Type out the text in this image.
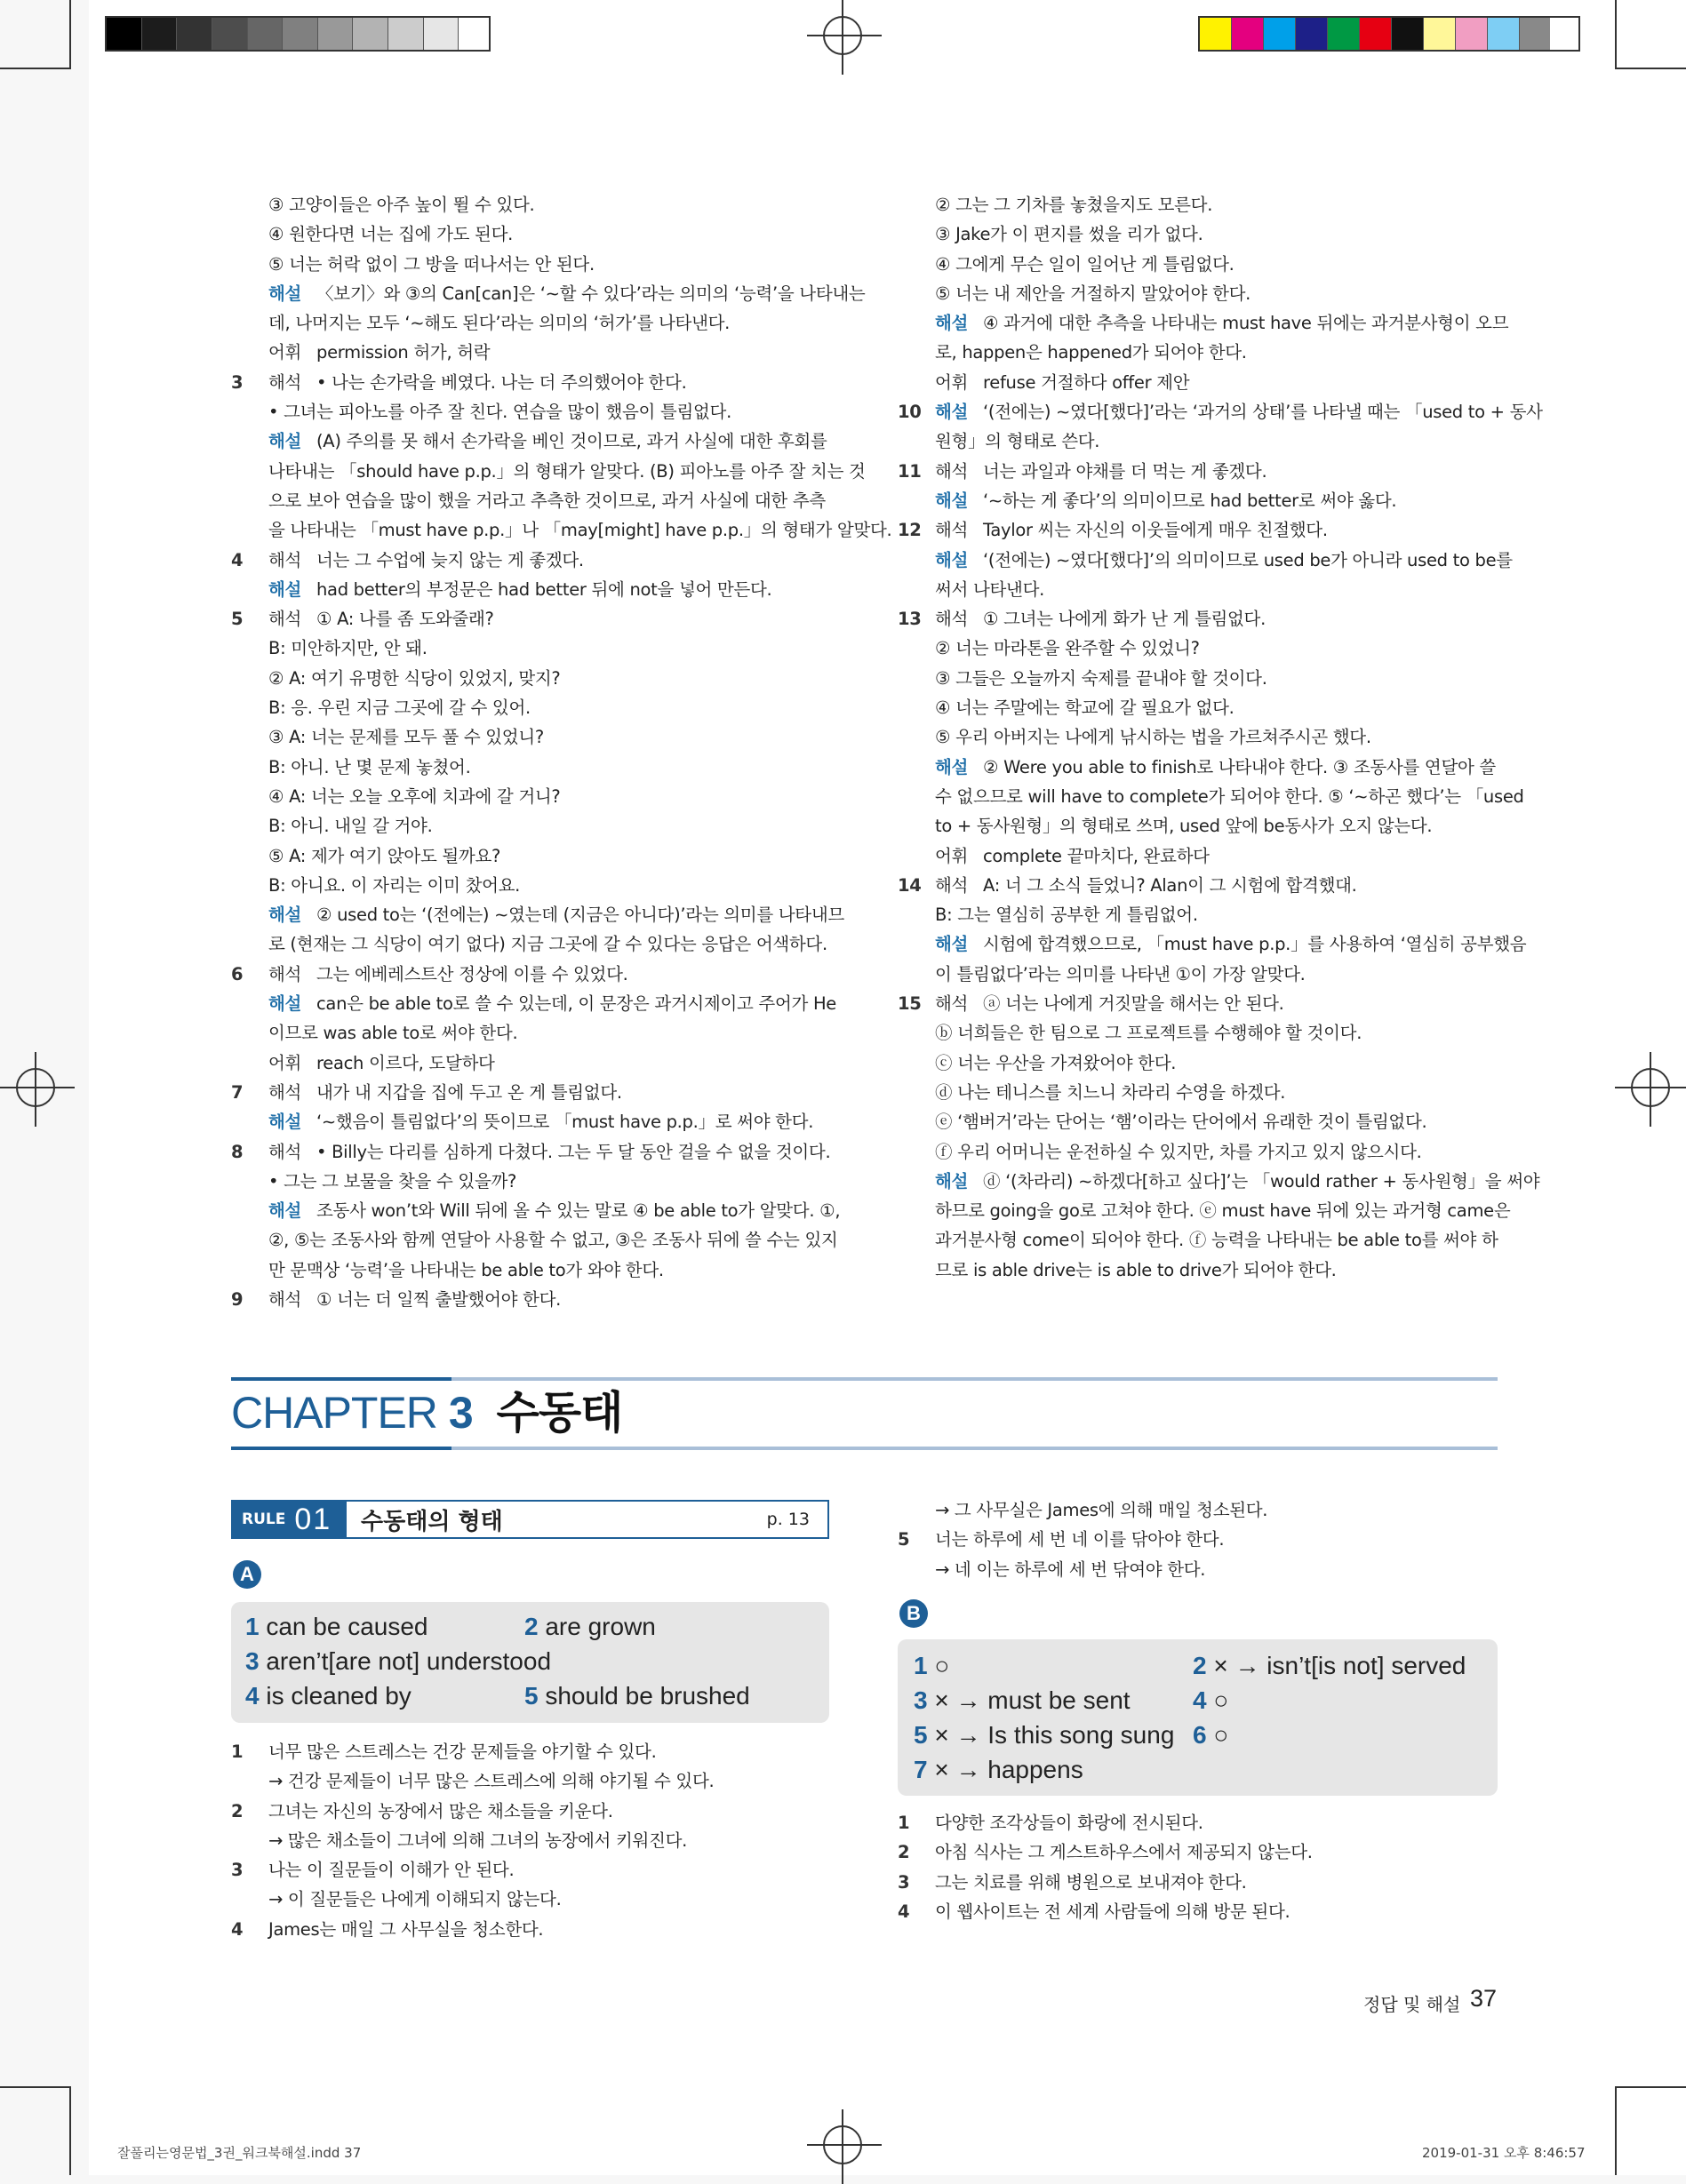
③ 고양이들은 아주 높이 뛸 수 있다.
④ 원한다면 너는 집에 가도 된다.
⑤ 너는 허락 없이 그 방을 떠나서는 안 된다.
해설 〈보기〉와 ③의 Can[can]은 ‘∼할 수 있다’라는 의미의 ‘능력’을 나타내는
데, 나머지는 모두 ‘∼해도 된다’라는 의미의 ‘허가’를 나타낸다.
어휘 permission 허가, 허락
3 해석 • 나는 손가락을 베였다. 나는 더 주의했어야 한다.
• 그녀는 피아노를 아주 잘 친다. 연습을 많이 했음이 틀림없다.
해설 (A) 주의를 못 해서 손가락을 베인 것이므로, 과거 사실에 대한 후회를
나타내는 「should have p.p.」의 형태가 알맞다. (B) 피아노를 아주 잘 치는 것
으로 보아 연습을 많이 했을 거라고 추측한 것이므로, 과거 사실에 대한 추측
을 나타내는 「must have p.p.」나 「may[might] have p.p.」의 형태가 알맞다.
4 해석 너는 그 수업에 늦지 않는 게 좋겠다.
해설 had better의 부정문은 had better 뒤에 not을 넣어 만든다.
5 해석 ① A: 나를 좀 도와줄래?
B: 미안하지만, 안 돼.
② A: 여기 유명한 식당이 있었지, 맞지?
B: 응. 우린 지금 그곳에 갈 수 있어.
③ A: 너는 문제를 모두 풀 수 있었니?
B: 아니. 난 몇 문제 놓쳤어.
④ A: 너는 오늘 오후에 치과에 갈 거니?
B: 아니. 내일 갈 거야.
⑤ A: 제가 여기 앉아도 될까요?
B: 아니요. 이 자리는 이미 찼어요.
해설 ② used to는 ‘(전에는) ∼였는데 (지금은 아니다)’라는 의미를 나타내므
로 (현재는 그 식당이 여기 없다) 지금 그곳에 갈 수 있다는 응답은 어색하다.
6 해석 그는 에베레스트산 정상에 이를 수 있었다.
해설 can은 be able to로 쓸 수 있는데, 이 문장은 과거시제이고 주어가 He
이므로 was able to로 써야 한다.
어휘 reach 이르다, 도달하다
7 해석 내가 내 지갑을 집에 두고 온 게 틀림없다.
해설 ‘∼했음이 틀림없다’의 뜻이므로 「must have p.p.」로 써야 한다.
8 해석 • Billy는 다리를 심하게 다쳤다. 그는 두 달 동안 걸을 수 없을 것이다.
• 그는 그 보물을 찾을 수 있을까?
해설 조동사 won’t와 Will 뒤에 올 수 있는 말로 ④ be able to가 알맞다. ①,
②, ⑤는 조동사와 함께 연달아 사용할 수 없고, ③은 조동사 뒤에 쓸 수는 있지
만 문맥상 ‘능력’을 나타내는 be able to가 와야 한다.
9 해석 ① 너는 더 일찍 출발했어야 한다.
② 그는 그 기차를 놓쳤을지도 모른다.
③ Jake가 이 편지를 썼을 리가 없다.
④ 그에게 무슨 일이 일어난 게 틀림없다.
⑤ 너는 내 제안을 거절하지 말았어야 한다.
해설 ④ 과거에 대한 추측을 나타내는 must have 뒤에는 과거분사형이 오므
로, happen은 happened가 되어야 한다.
어휘 refuse 거절하다 offer 제안
10 해설 ‘(전에는) ∼였다[했다]’라는 ‘과거의 상태’를 나타낼 때는 「used to + 동사
원형」의 형태로 쓴다.
11 해석 너는 과일과 야채를 더 먹는 게 좋겠다.
해설 ‘∼하는 게 좋다’의 의미이므로 had better로 써야 옳다.
12 해석 Taylor 씨는 자신의 이웃들에게 매우 친절했다.
해설 ‘(전에는) ∼였다[했다]’의 의미이므로 used be가 아니라 used to be를
써서 나타낸다.
13 해석 ① 그녀는 나에게 화가 난 게 틀림없다.
② 너는 마라톤을 완주할 수 있었니?
③ 그들은 오늘까지 숙제를 끝내야 할 것이다.
④ 너는 주말에는 학교에 갈 필요가 없다.
⑤ 우리 아버지는 나에게 낚시하는 법을 가르쳐주시곤 했다.
해설 ② Were you able to finish로 나타내야 한다. ③ 조동사를 연달아 쓸
수 없으므로 will have to complete가 되어야 한다. ⑤ ‘∼하곤 했다’는 「used
to + 동사원형」의 형태로 쓰며, used 앞에 be동사가 오지 않는다.
어휘 complete 끝마치다, 완료하다
14 해석 A: 너 그 소식 들었니? Alan이 그 시험에 합격했대.
B: 그는 열심히 공부한 게 틀림없어.
해설 시험에 합격했으므로, 「must have p.p.」를 사용하여 ‘열심히 공부했음
이 틀림없다’라는 의미를 나타낸 ①이 가장 알맞다.
15 해석 ⓐ 너는 나에게 거짓말을 해서는 안 된다.
ⓑ 너희들은 한 팀으로 그 프로젝트를 수행해야 할 것이다.
ⓒ 너는 우산을 가져왔어야 한다.
ⓓ 나는 테니스를 치느니 차라리 수영을 하겠다.
ⓔ ‘햄버거’라는 단어는 ‘햄’이라는 단어에서 유래한 것이 틀림없다.
ⓕ 우리 어머니는 운전하실 수 있지만, 차를 가지고 있지 않으시다.
해설 ⓓ ‘(차라리) ∼하겠다[하고 싶다]’는 「would rather + 동사원형」을 써야
하므로 going을 go로 고쳐야 한다. ⓔ must have 뒤에 있는 과거형 came은
과거분사형 come이 되어야 한다. ⓕ 능력을 나타내는 be able to를 써야 하
므로 is able drive는 is able to drive가 되어야 한다.
CHAPTER 3 수동태
RULE 01 수동태의 형태	p. 13
A
1 can be caused	2 are grown
3 aren’t[are not] understood
4 is cleaned by	5 should be brushed
1 너무 많은 스트레스는 건강 문제들을 야기할 수 있다.
→ 건강 문제들이 너무 많은 스트레스에 의해 야기될 수 있다.
2 그녀는 자신의 농장에서 많은 채소들을 키운다.
→ 많은 채소들이 그녀에 의해 그녀의 농장에서 키워진다.
3 나는 이 질문들이 이해가 안 된다.
→ 이 질문들은 나에게 이해되지 않는다.
4 James는 매일 그 사무실을 청소한다.
→ 그 사무실은 James에 의해 매일 청소된다.
5 너는 하루에 세 번 네 이를 닦아야 한다.
→ 네 이는 하루에 세 번 닦여야 한다.
B
1 ○	2 × → isn’t[is not] served
3 × → must be sent	4 ○
5 × → Is this song sung 6 ○
7 × → happens
1 다양한 조각상들이 화랑에 전시된다.
2 아침 식사는 그 게스트하우스에서 제공되지 않는다.
3 그는 치료를 위해 병원으로 보내져야 한다.
4 이 웹사이트는 전 세계 사람들에 의해 방문 된다.
정답 및 해설 37
잘풀리는영문법_3권_워크북해설.indd 37	2019-01-31 오후 8:46:57
